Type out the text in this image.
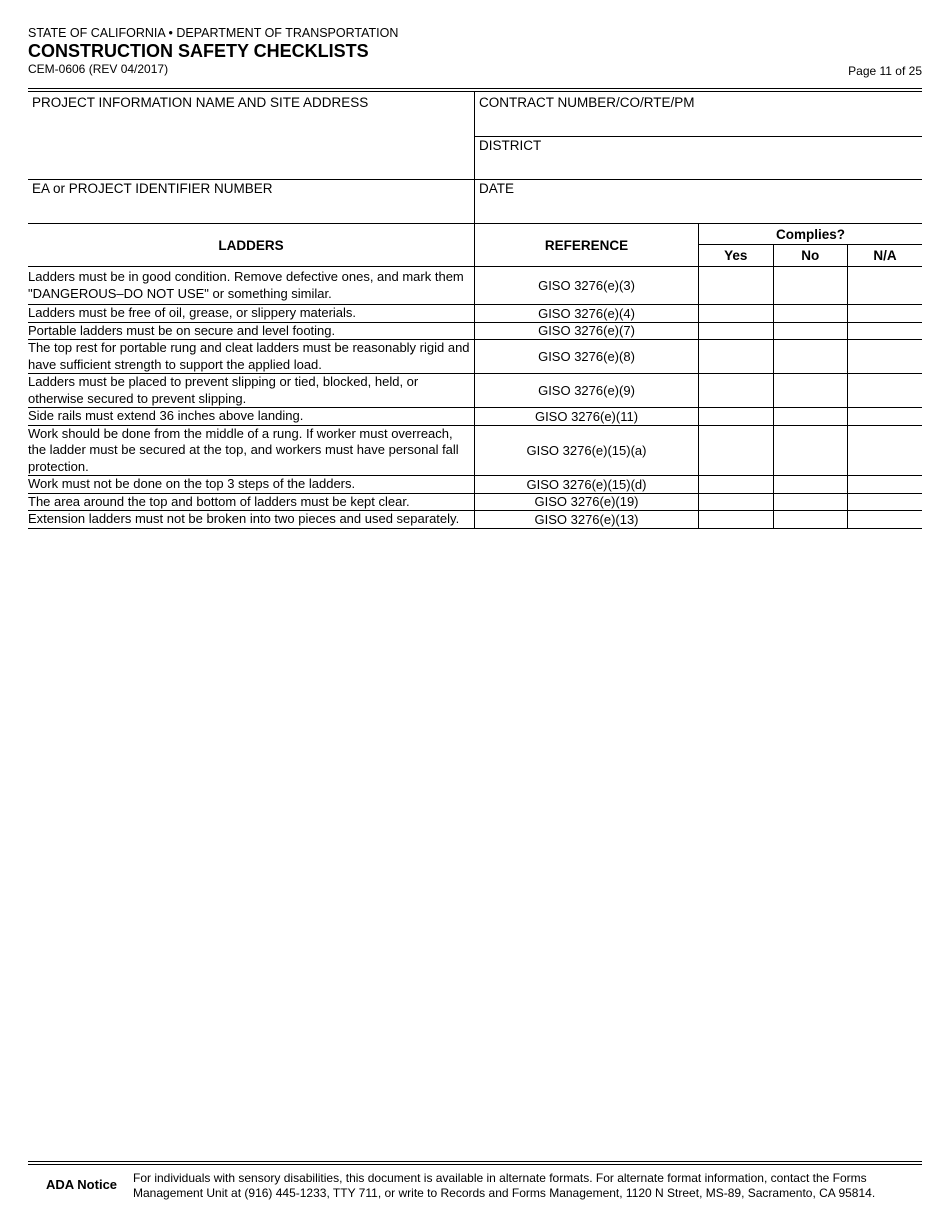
STATE OF CALIFORNIA • DEPARTMENT OF TRANSPORTATION
CONSTRUCTION SAFETY CHECKLISTS
CEM-0606 (REV 04/2017)	Page 11 of 25
PROJECT INFORMATION NAME AND SITE ADDRESS
EA or PROJECT IDENTIFIER NUMBER
CONTRACT NUMBER/CO/RTE/PM
DISTRICT
DATE
LADDERS	REFERENCE	Complies?		
		Yes	No	N/A
Ladders must be in good condition. Remove defective ones, and mark them "DANGEROUS–DO NOT USE" or something similar.	GISO 3276(e)(3)			
Ladders must be free of oil, grease, or slippery materials.	GISO 3276(e)(4)			
Portable ladders must be on secure and level footing.	GISO 3276(e)(7)			
The top rest for portable rung and cleat ladders must be reasonably rigid and have sufficient strength to support the applied load.	GISO 3276(e)(8)			
Ladders must be placed to prevent slipping or tied, blocked, held, or otherwise secured to prevent slipping.	GISO 3276(e)(9)			
Side rails must extend 36 inches above landing.	GISO 3276(e)(11)			
Work should be done from the middle of a rung. If worker must overreach, the ladder must be secured at the top, and workers must have personal fall protection.	GISO 3276(e)(15)(a)			
Work must not be done on the top 3 steps of the ladders.	GISO 3276(e)(15)(d)			
The area around the top and bottom of ladders must be kept clear.	GISO 3276(e)(19)			
Extension ladders must not be broken into two pieces and used separately.	GISO 3276(e)(13)			
ADA Notice For individuals with sensory disabilities, this document is available in alternate formats. For alternate format information, contact the Forms Management Unit at (916) 445-1233, TTY 711, or write to Records and Forms Management, 1120 N Street, MS-89, Sacramento, CA 95814.
